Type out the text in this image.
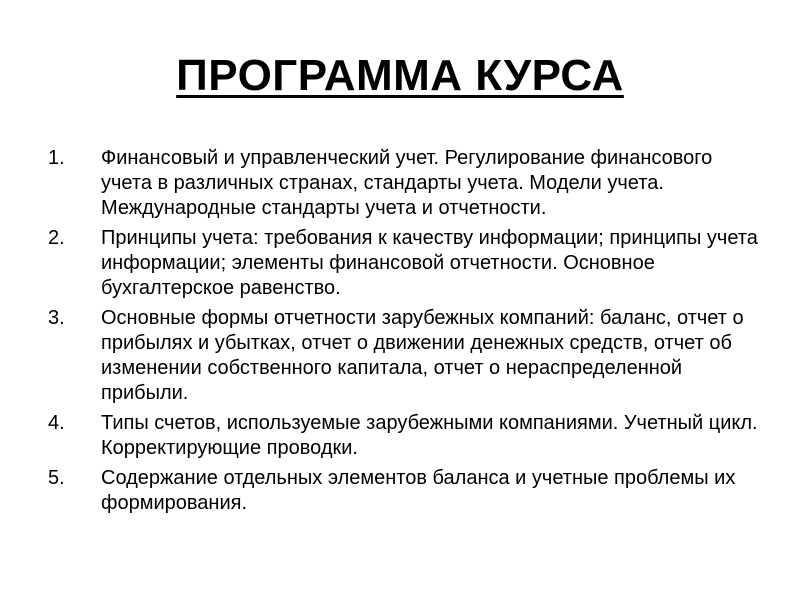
ПРОГРАММА КУРСА
1.	Финансовый и управленческий учет. Регулирование финансового учета в различных странах, стандарты учета. Модели учета. Международные стандарты учета и отчетности.
2.	Принципы учета: требования к качеству информации; принципы учета информации; элементы финансовой отчетности. Основное бухгалтерское равенство.
3.	Основные формы отчетности зарубежных компаний: баланс, отчет о прибылях и убытках, отчет о движении денежных средств, отчет об изменении собственного капитала, отчет о нераспределенной прибыли.
4.	Типы счетов, используемые зарубежными компаниями. Учетный цикл. Корректирующие проводки.
5.	Содержание отдельных элементов баланса и учетные проблемы их формирования.
